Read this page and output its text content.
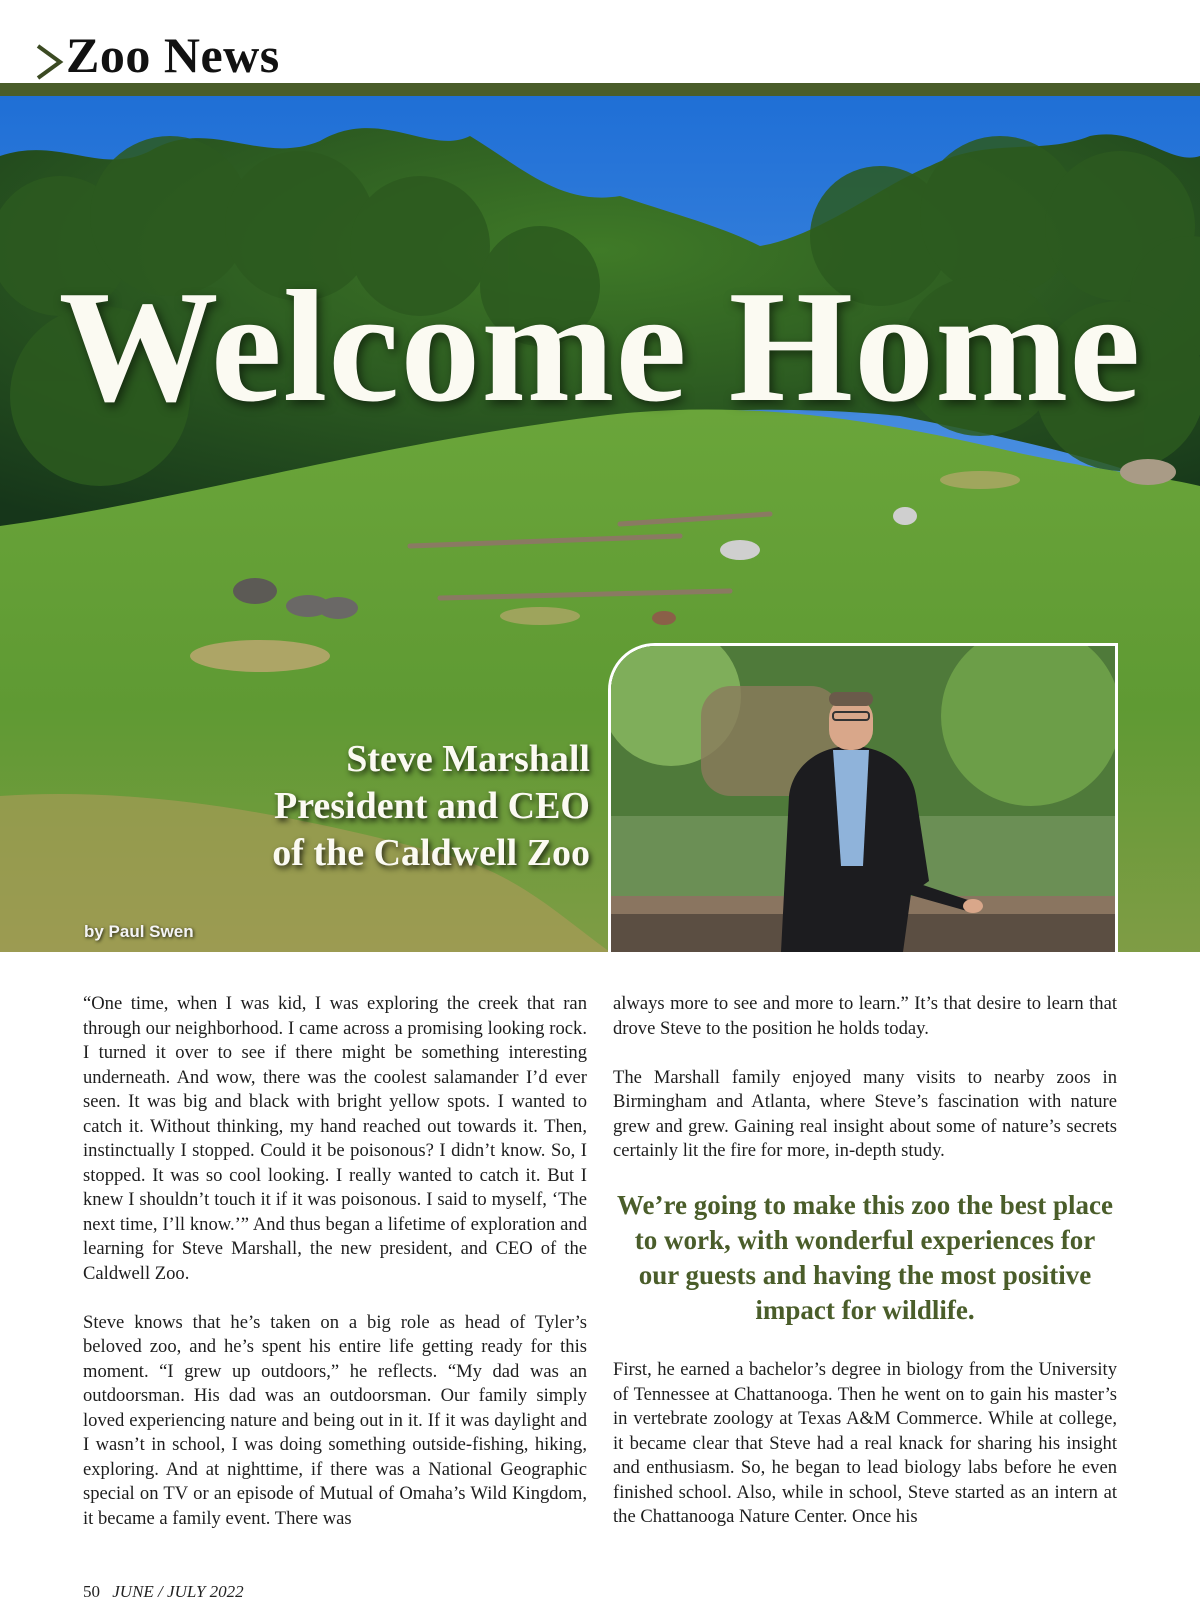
Zoo News
Welcome Home
Steve Marshall
President and CEO
of the Caldwell Zoo
by Paul Swen

“One time, when I was kid, I was exploring the creek that ran through our neighborhood. I came across a promising looking rock. I turned it over to see if there might be something interesting underneath. And wow, there was the coolest salamander I’d ever seen. It was big and black with bright yellow spots. I wanted to catch it. Without thinking, my hand reached out towards it. Then, instinctually I stopped. Could it be poisonous? I didn’t know. So, I stopped. It was so cool looking. I really wanted to catch it. But I knew I shouldn’t touch it if it was poisonous. I said to myself, ‘The next time, I’ll know.’” And thus began a lifetime of exploration and learning for Steve Marshall, the new president, and CEO of the Caldwell Zoo.

Steve knows that he’s taken on a big role as head of Tyler’s beloved zoo, and he’s spent his entire life getting ready for this moment. “I grew up outdoors,” he reflects. “My dad was an outdoorsman. His dad was an outdoorsman. Our family simply loved experiencing nature and being out in it. If it was daylight and I wasn’t in school, I was doing something outside-fishing, hiking, exploring. And at nighttime, if there was a National Geographic special on TV or an episode of Mutual of Omaha’s Wild Kingdom, it became a family event. There was

always more to see and more to learn.” It’s that desire to learn that drove Steve to the position he holds today.

The Marshall family enjoyed many visits to nearby zoos in Birmingham and Atlanta, where Steve’s fascination with nature grew and grew. Gaining real insight about some of nature’s secrets certainly lit the fire for more, in-depth study.

We’re going to make this zoo the best place to work, with wonderful experiences for our guests and having the most positive impact for wildlife.

First, he earned a bachelor’s degree in biology from the University of Tennessee at Chattanooga. Then he went on to gain his master’s in vertebrate zoology at Texas A&M Commerce. While at college, it became clear that Steve had a real knack for sharing his insight and enthusiasm. So, he began to lead biology labs before he even finished school. Also, while in school, Steve started as an intern at the Chattanooga Nature Center. Once his

50 JUNE / JULY 2022
